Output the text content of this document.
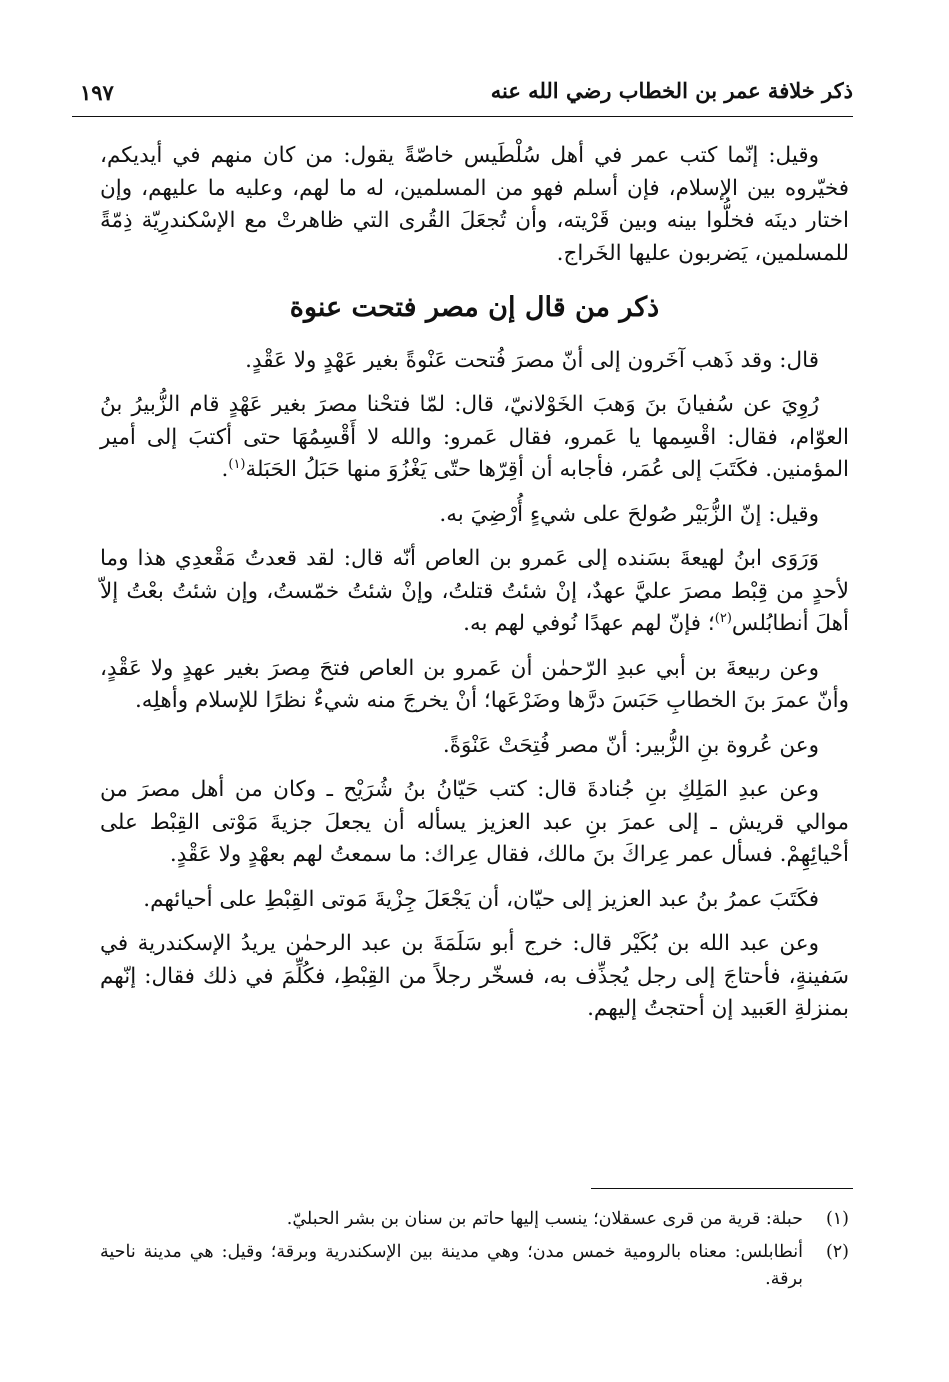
ذكر خلافة عمر بن الخطاب رضي الله عنه
١٩٧

وقيل: إنّما كتب عمر في أهل سُلْطَيس خاصّةً يقول: من كان منهم في أيديكم، فخيّروه بين الإسلام، فإن أسلم فهو من المسلمين، له ما لهم، وعليه ما عليهم، وإن اختار دينَه فخلُّوا بينه وبين قَرْيته، وأن تُجعَلَ القُرى التي ظاهرتْ مع الإسْكندرِيّة ذِمّةً للمسلمين، يَضربون عليها الخَراج.

ذكر من قال إن مصر فتحت عنوة

قال: وقد ذَهب آخَرون إلى أنّ مصرَ فُتحت عَنْوةً بغير عَهْدٍ ولا عَقْدٍ.

رُوِيَ عن سُفيانَ بنَ وَهبَ الخَوْلانيّ، قال: لمّا فتحْنا مصرَ بغير عَهْدٍ قام الزُّبيرُ بنُ العوّام، فقال: اقْسِمها يا عَمرو، فقال عَمرو: والله لا أَقْسِمُهَا حتى أكتبَ إلى أمير المؤمنين. فكَتَبَ إلى عُمَر، فأجابه أن أقِرّها حتّى يَغْزُوَ منها حَبَلُ الحَبَلة$^{(١)}$.

وقيل: إنّ الزُّبَيْر صُولحَ على شيءٍ أُرْضِيَ به.

وَرَوَى ابنُ لهيعةَ بسَنده إلى عَمرو بن العاص أنّه قال: لقد قعدتُ مَقْعدِي هذا وما لأحدٍ من قِبْط مصرَ عليَّ عهدٌ، إنْ شئتُ قتلتُ، وإنْ شئتُ خمّستُ، وإن شئتُ بعْتُ إلاّ أهلَ أنطابُلس$^{(٢)}$؛ فإنّ لهم عهدًا نُوفي لهم به.

وعن ربيعةَ بن أبي عبدِ الرّحمٰن أن عَمرو بن العاص فتحَ مِصرَ بغير عهدٍ ولا عَقْدٍ، وأنّ عمرَ بنَ الخطابِ حَبَسَ درَّها وضَرْعَها؛ أنْ يخرجَ منه شيءٌ نظرًا للإسلام وأهلِه.

وعن عُروة بنِ الزُّبير: أنّ مصر فُتِحَتْ عَنْوَةً.

وعن عبدِ المَلِكِ بنِ جُنادةَ قال: كتب حَيّانُ بنُ شُرَيْح ـ وكان من أهل مصرَ من موالي قريش ـ إلى عمرَ بنِ عبد العزيز يسأله أن يجعلَ جزيةَ مَوْتى القِبْط على أحْيائِهِمْ. فسأل عمر عِراكَ بنَ مالك، فقال عِراك: ما سمعتُ لهم بعهْدٍ ولا عَقْدٍ.

فكَتَبَ عمرُ بنُ عبد العزيز إلى حيّان، أن يَجْعَلَ جِزْيةَ مَوتى القِبْطِ على أحيائهم.

وعن عبد الله بن بُكَيْر قال: خرج أبو سَلَمَةَ بن عبد الرحمٰن يريدُ الإسكندرية في سَفينةٍ، فأحتاجَ إلى رجل يُجذِّف به، فسخّر رجلاً من القِبْطِ، فكُلِّمَ في ذلك فقال: إنّهم بمنزلةِ العَبيد إن أحتجتُ إليهم.

(١)
حبلة: قرية من قرى عسقلان؛ ينسب إليها حاتم بن سنان بن بشر الحبليّ.
(٢)
أنطابلس: معناه بالرومية خمس مدن؛ وهي مدينة بين الإسكندرية وبرقة؛ وقيل: هي مدينة ناحية برقة.
